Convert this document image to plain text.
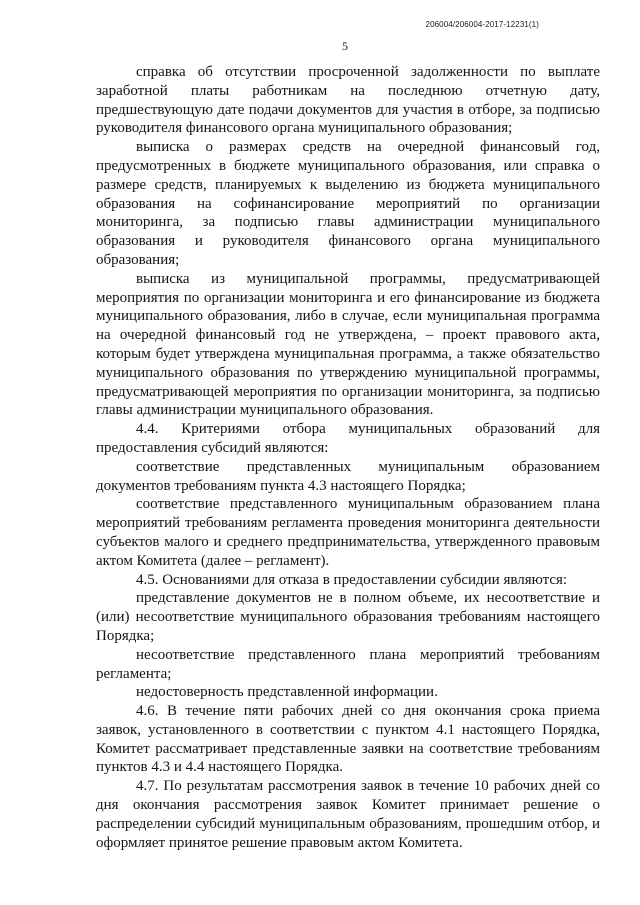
206004/206004-2017-12231(1)
5

справка об отсутствии просроченной задолженности по выплате заработной платы работникам на последнюю отчетную дату, предшествующую дате подачи документов для участия в отборе, за подписью руководителя финансового органа муниципального образования;

выписка о размерах средств на очередной финансовый год, предусмотренных в бюджете муниципального образования, или справка о размере средств, планируемых к выделению из бюджета муниципального образования на софинансирование мероприятий по организации мониторинга, за подписью главы администрации муниципального образования и руководителя финансового органа муниципального образования;

выписка из муниципальной программы, предусматривающей мероприятия по организации мониторинга и его финансирование из бюджета муниципального образования, либо в случае, если муниципальная программа на очередной финансовый год не утверждена, – проект правового акта, которым будет утверждена муниципальная программа, а также обязательство муниципального образования по утверждению муниципальной программы, предусматривающей мероприятия по организации мониторинга, за подписью главы администрации муниципального образования.

4.4. Критериями отбора муниципальных образований для предоставления субсидий являются:

соответствие представленных муниципальным образованием документов требованиям пункта 4.3 настоящего Порядка;

соответствие представленного муниципальным образованием плана мероприятий требованиям регламента проведения мониторинга деятельности субъектов малого и среднего предпринимательства, утвержденного правовым актом Комитета (далее – регламент).

4.5. Основаниями для отказа в предоставлении субсидии являются:

представление документов не в полном объеме, их несоответствие и (или) несоответствие муниципального образования требованиям настоящего Порядка;

несоответствие представленного плана мероприятий требованиям регламента;

недостоверность представленной информации.

4.6. В течение пяти рабочих дней со дня окончания срока приема заявок, установленного в соответствии с пунктом 4.1 настоящего Порядка, Комитет рассматривает представленные заявки на соответствие требованиям пунктов 4.3 и 4.4 настоящего Порядка.

4.7. По результатам рассмотрения заявок в течение 10 рабочих дней со дня окончания рассмотрения заявок Комитет принимает решение о распределении субсидий муниципальным образованиям, прошедшим отбор, и оформляет принятое решение правовым актом Комитета.
